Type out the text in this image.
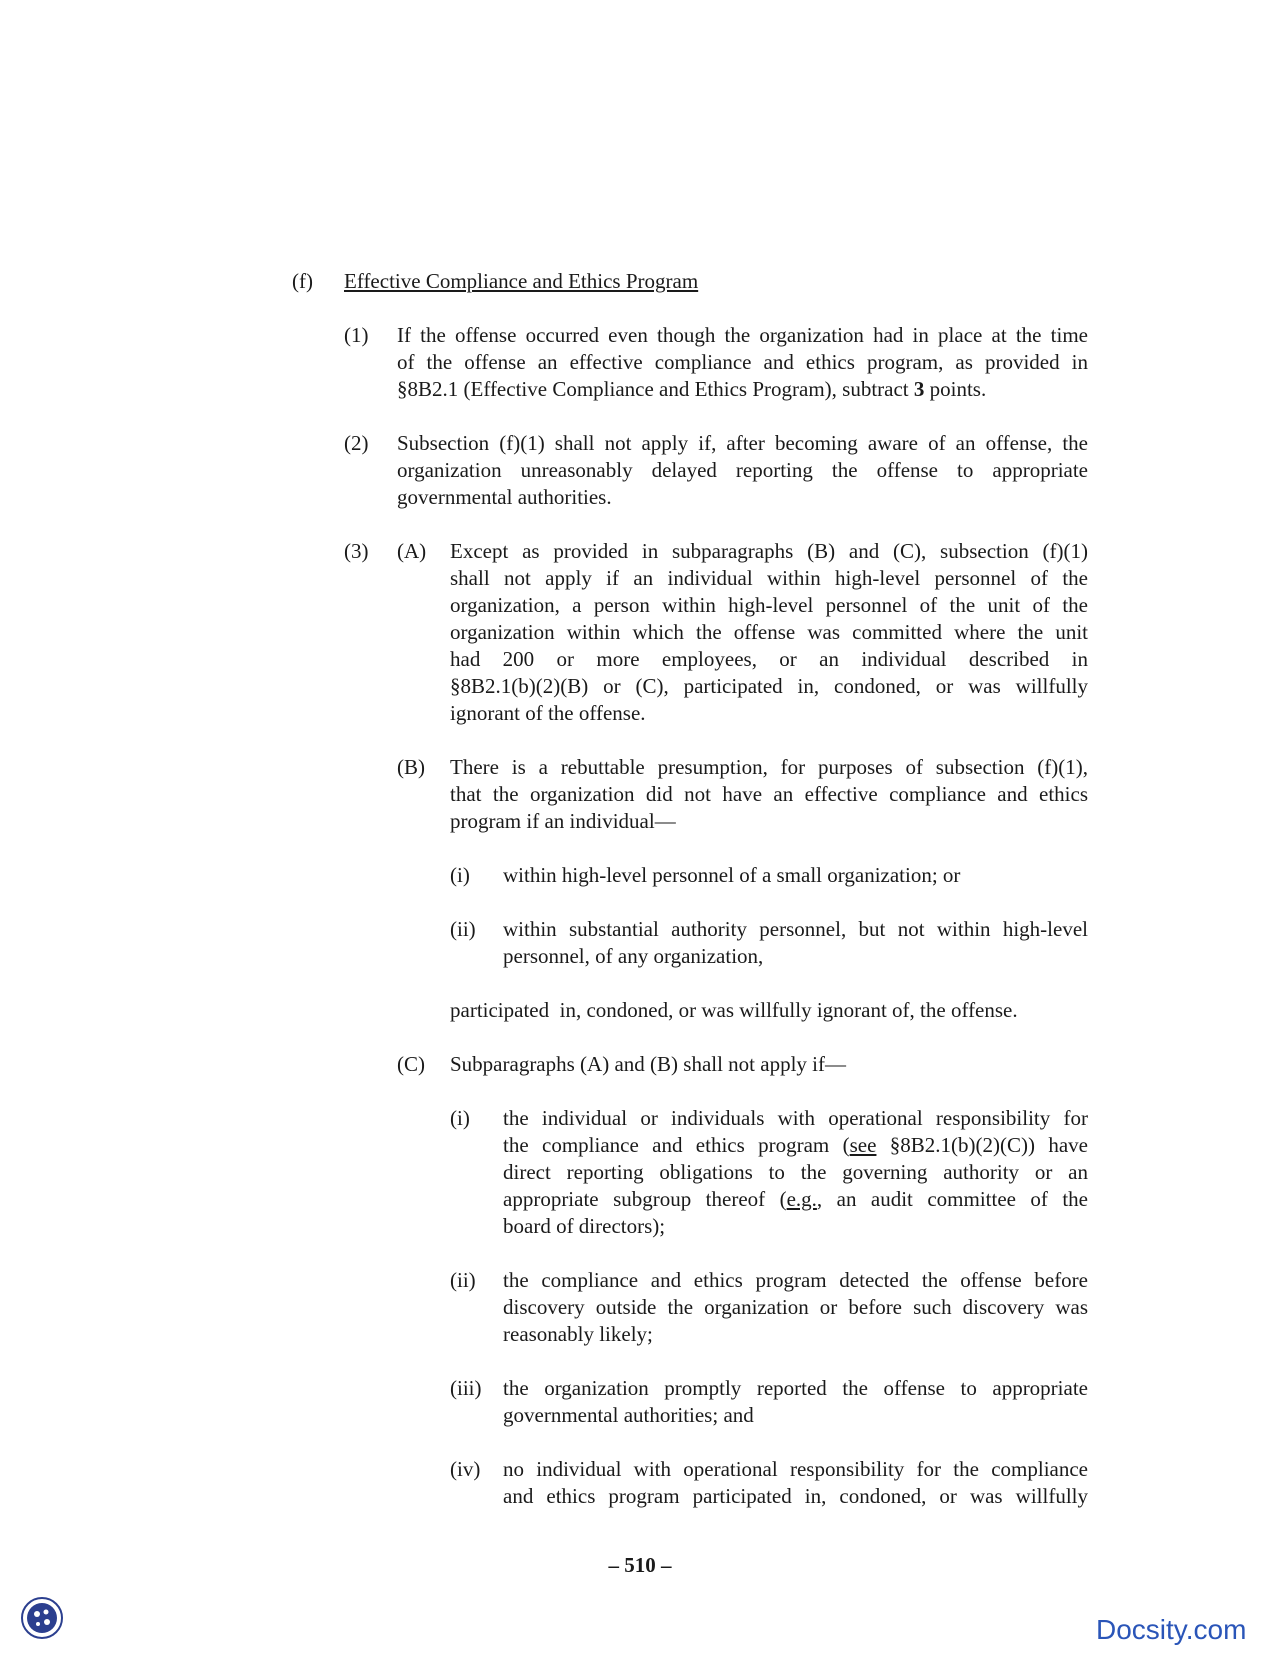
(f) Effective Compliance and Ethics Program
(1) If the offense occurred even though the organization had in place at the time
of the offense an effective compliance and ethics program, as provided in
§8B2.1 (Effective Compliance and Ethics Program), subtract 3 points.
(2) Subsection (f)(1) shall not apply if, after becoming aware of an offense, the
organization unreasonably delayed reporting the offense to appropriate
governmental authorities.
(3) (A) Except as provided in subparagraphs (B) and (C), subsection (f)(1)
shall not apply if an individual within high-level personnel of the
organization, a person within high-level personnel of the unit of the
organization within which the offense was committed where the unit
had 200 or more employees, or an individual described in
§8B2.1(b)(2)(B) or (C), participated in, condoned, or was willfully
ignorant of the offense.
(B) There is a rebuttable presumption, for purposes of subsection (f)(1),
that the organization did not have an effective compliance and ethics
program if an individual—
(i) within high-level personnel of a small organization; or
(ii) within substantial authority personnel, but not within high-level
personnel, of any organization,
participated  in, condoned, or was willfully ignorant of, the offense.
(C) Subparagraphs (A) and (B) shall not apply if—
(i) the individual or individuals with operational responsibility for
the compliance and ethics program (see §8B2.1(b)(2)(C)) have
direct reporting obligations to the governing authority or an
appropriate subgroup thereof (e.g., an audit committee of the
board of directors);
(ii) the compliance and ethics program detected the offense before
discovery outside the organization or before such discovery was
reasonably likely;
(iii) the organization promptly reported the offense to appropriate
governmental authorities; and
(iv) no individual with operational responsibility for the compliance
and ethics program participated in, condoned, or was willfully
– 510 –
Docsity.com
